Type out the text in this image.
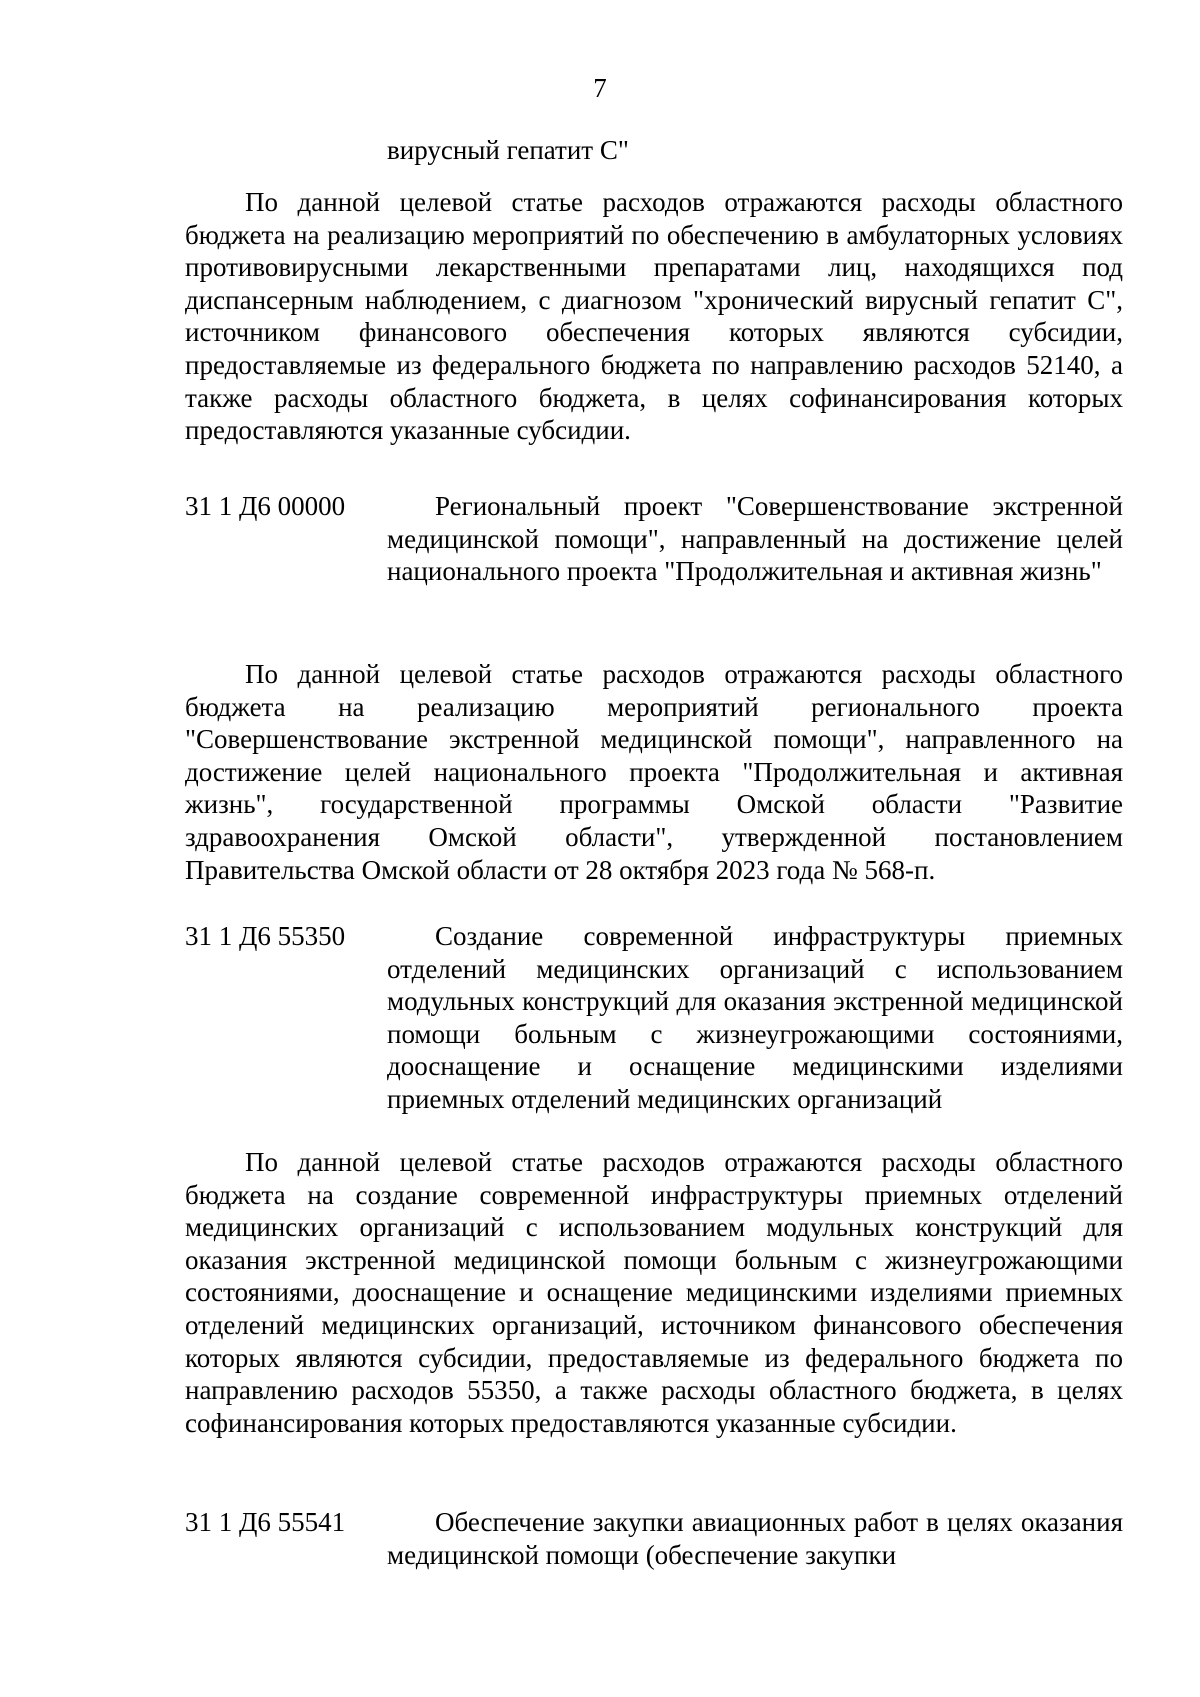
7
вирусный гепатит С"

По данной целевой статье расходов отражаются расходы областного бюджета на реализацию мероприятий по обеспечению в амбулаторных условиях противовирусными лекарственными препаратами лиц, находящихся под диспансерным наблюдением, с диагнозом "хронический вирусный гепатит С", источником финансового обеспечения которых являются субсидии, предоставляемые из федерального бюджета по направлению расходов 52140, а также расходы областного бюджета, в целях софинансирования которых предоставляются указанные субсидии.

31 1 Д6 00000	Региональный проект "Совершенствование экстренной медицинской помощи", направленный на достижение целей национального проекта "Продолжительная и активная жизнь"

По данной целевой статье расходов отражаются расходы областного бюджета на реализацию мероприятий регионального проекта "Совершенствование экстренной медицинской помощи", направленного на достижение целей национального проекта "Продолжительная и активная жизнь", государственной программы Омской области "Развитие здравоохранения Омской области", утвержденной постановлением Правительства Омской области от 28 октября 2023 года № 568-п.

31 1 Д6 55350	Создание современной инфраструктуры приемных отделений медицинских организаций с использованием модульных конструкций для оказания экстренной медицинской помощи больным с жизнеугрожающими состояниями, дооснащение и оснащение медицинскими изделиями приемных отделений медицинских организаций

По данной целевой статье расходов отражаются расходы областного бюджета на создание современной инфраструктуры приемных отделений медицинских организаций с использованием модульных конструкций для оказания экстренной медицинской помощи больным с жизнеугрожающими состояниями, дооснащение и оснащение медицинскими изделиями приемных отделений медицинских организаций, источником финансового обеспечения которых являются субсидии, предоставляемые из федерального бюджета по направлению расходов 55350, а также расходы областного бюджета, в целях софинансирования которых предоставляются указанные субсидии.

31 1 Д6 55541	Обеспечение закупки авиационных работ в целях оказания медицинской помощи (обеспечение закупки
